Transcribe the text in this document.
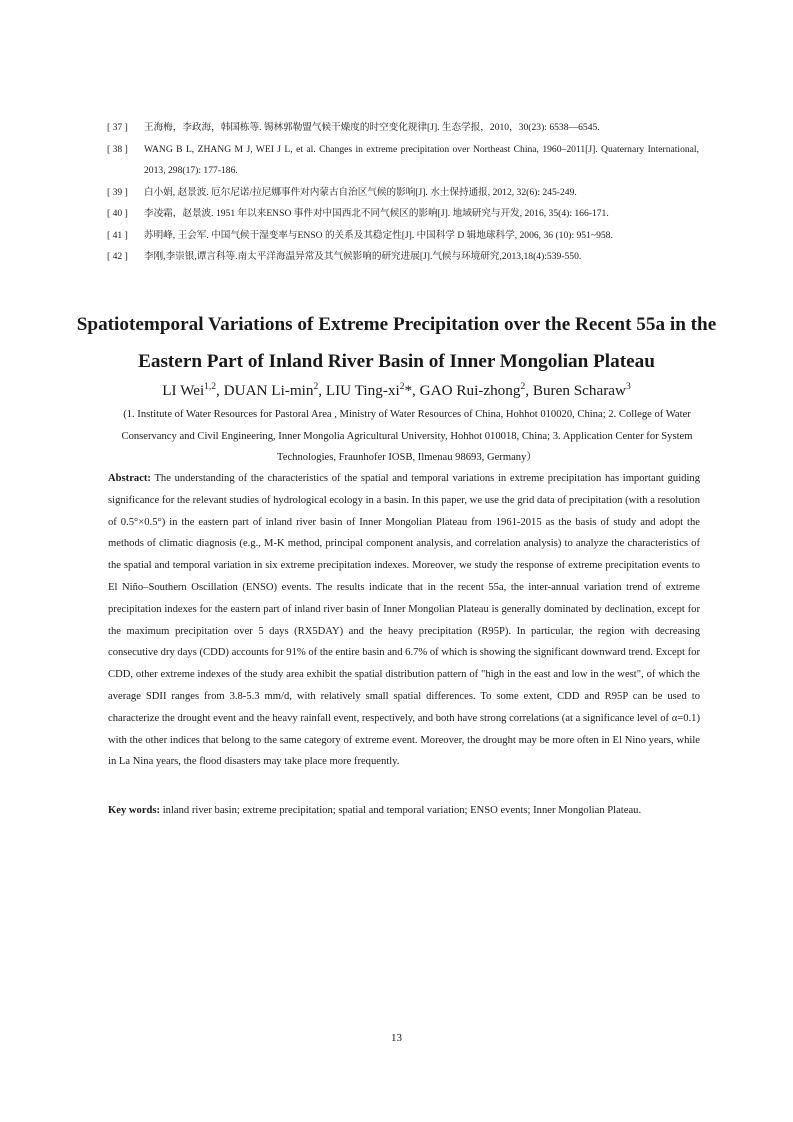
[ 37 ]	王海梅，李政海，韩国栋等. 锡林郭勒盟气候干燥度的时空变化规律[J]. 生态学报，2010，30(23): 6538—6545.
[ 38 ]	WANG B L, ZHANG M J, WEI J L, et al. Changes in extreme precipitation over Northeast China, 1960–2011[J]. Quaternary International, 2013, 298(17): 177-186.
[ 39 ]	白小娟, 赵景波. 厄尔尼诺/拉尼娜事件对内蒙古自治区气候的影响[J]. 水土保持通报, 2012, 32(6): 245-249.
[ 40 ]	李凌霜，赵景波. 1951 年以来ENSO 事件对中国西北不同气候区的影响[J]. 地域研究与开发, 2016, 35(4): 166-171.
[ 41 ]	苏明峰, 王会军. 中国气候干湿变率与ENSO 的关系及其稳定性[J]. 中国科学 D 辑地球科学, 2006, 36 (10): 951~958.
[ 42 ]	李刚,李崇银,谭言科等.南太平洋海温异常及其气候影响的研究进展[J].气候与环境研究,2013,18(4):539-550.
Spatiotemporal Variations of Extreme Precipitation over the Recent 55a in the Eastern Part of Inland River Basin of Inner Mongolian Plateau
LI Wei$^{1,2}$, DUAN $Li-\min^2$, LIU Ting-$xi^2*$, GAO Rui-zhong$^2$, Buren Scharaw$^3$
(1. Institute of Water Resources for Pastoral Area , Ministry of Water Resources of China, Hohhot 010020, China; 2. College of Water Conservancy and Civil Engineering, Inner Mongolia Agricultural University, Hohhot 010018, China; 3. Application Center for System Technologies, Fraunhofer IOSB, Ilmenau 98693, Germany）

Abstract: The understanding of the characteristics of the spatial and temporal variations in extreme precipitation has important guiding significance for the relevant studies of hydrological ecology in a basin. In this paper, we use the grid data of precipitation (with a resolution of 0.5°×0.5°) in the eastern part of inland river basin of Inner Mongolian Plateau from 1961-2015 as the basis of study and adopt the methods of climatic diagnosis (e.g., M-K method, principal component analysis, and correlation analysis) to analyze the characteristics of the spatial and temporal variation in six extreme precipitation indexes. Moreover, we study the response of extreme precipitation events to El Niño–Southern Oscillation (ENSO) events. The results indicate that in the recent 55a, the inter-annual variation trend of extreme precipitation indexes for the eastern part of inland river basin of Inner Mongolian Plateau is generally dominated by declination, except for the maximum precipitation over 5 days (RX5DAY) and the heavy precipitation (R95P). In particular, the region with decreasing consecutive dry days (CDD) accounts for 91% of the entire basin and 6.7% of which is showing the significant downward trend. Except for CDD, other extreme indexes of the study area exhibit the spatial distribution pattern of "high in the east and low in the west", of which the average SDII ranges from 3.8-5.3 mm/d, with relatively small spatial differences. To some extent, CDD and R95P can be used to characterize the drought event and the heavy rainfall event, respectively, and both have strong correlations (at a significance level of α=0.1) with the other indices that belong to the same category of extreme event. Moreover, the drought may be more often in El Nino years, while in La Nina years, the flood disasters may take place more frequently.

Key words: inland river basin; extreme precipitation; spatial and temporal variation; ENSO events; Inner Mongolian Plateau.

13
